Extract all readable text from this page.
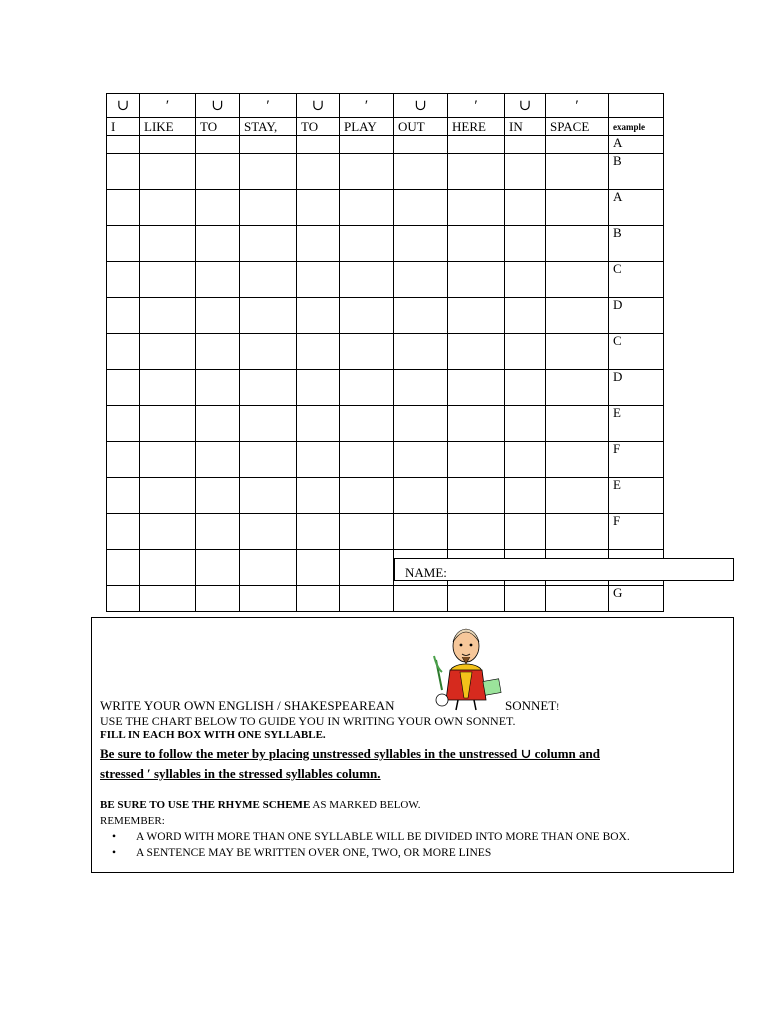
∪	′	∪	′	∪	′	∪	′	∪	′	
I	LIKE	TO	STAY,	TO	PLAY	OUT	HERE	IN	SPACE	example
										A
										B
										A
										B
										C
										D
										C
										D
										E
										F
										E
										F

										G
NAME:
WRITE YOUR OWN ENGLISH / SHAKESPEAREAN	SONNET!
USE THE CHART BELOW TO GUIDE YOU IN WRITING YOUR OWN SONNET.
FILL IN EACH BOX WITH ONE SYLLABLE.
Be sure to follow the meter by placing unstressed syllables in the unstressed ∪ column and
stressed ′ syllables in the stressed syllables column.
BE SURE TO USE THE RHYME SCHEME AS MARKED BELOW.
REMEMBER:
• A WORD WITH MORE THAN ONE SYLLABLE WILL BE DIVIDED INTO MORE THAN ONE BOX.
• A SENTENCE MAY BE WRITTEN OVER ONE, TWO, OR MORE LINES
